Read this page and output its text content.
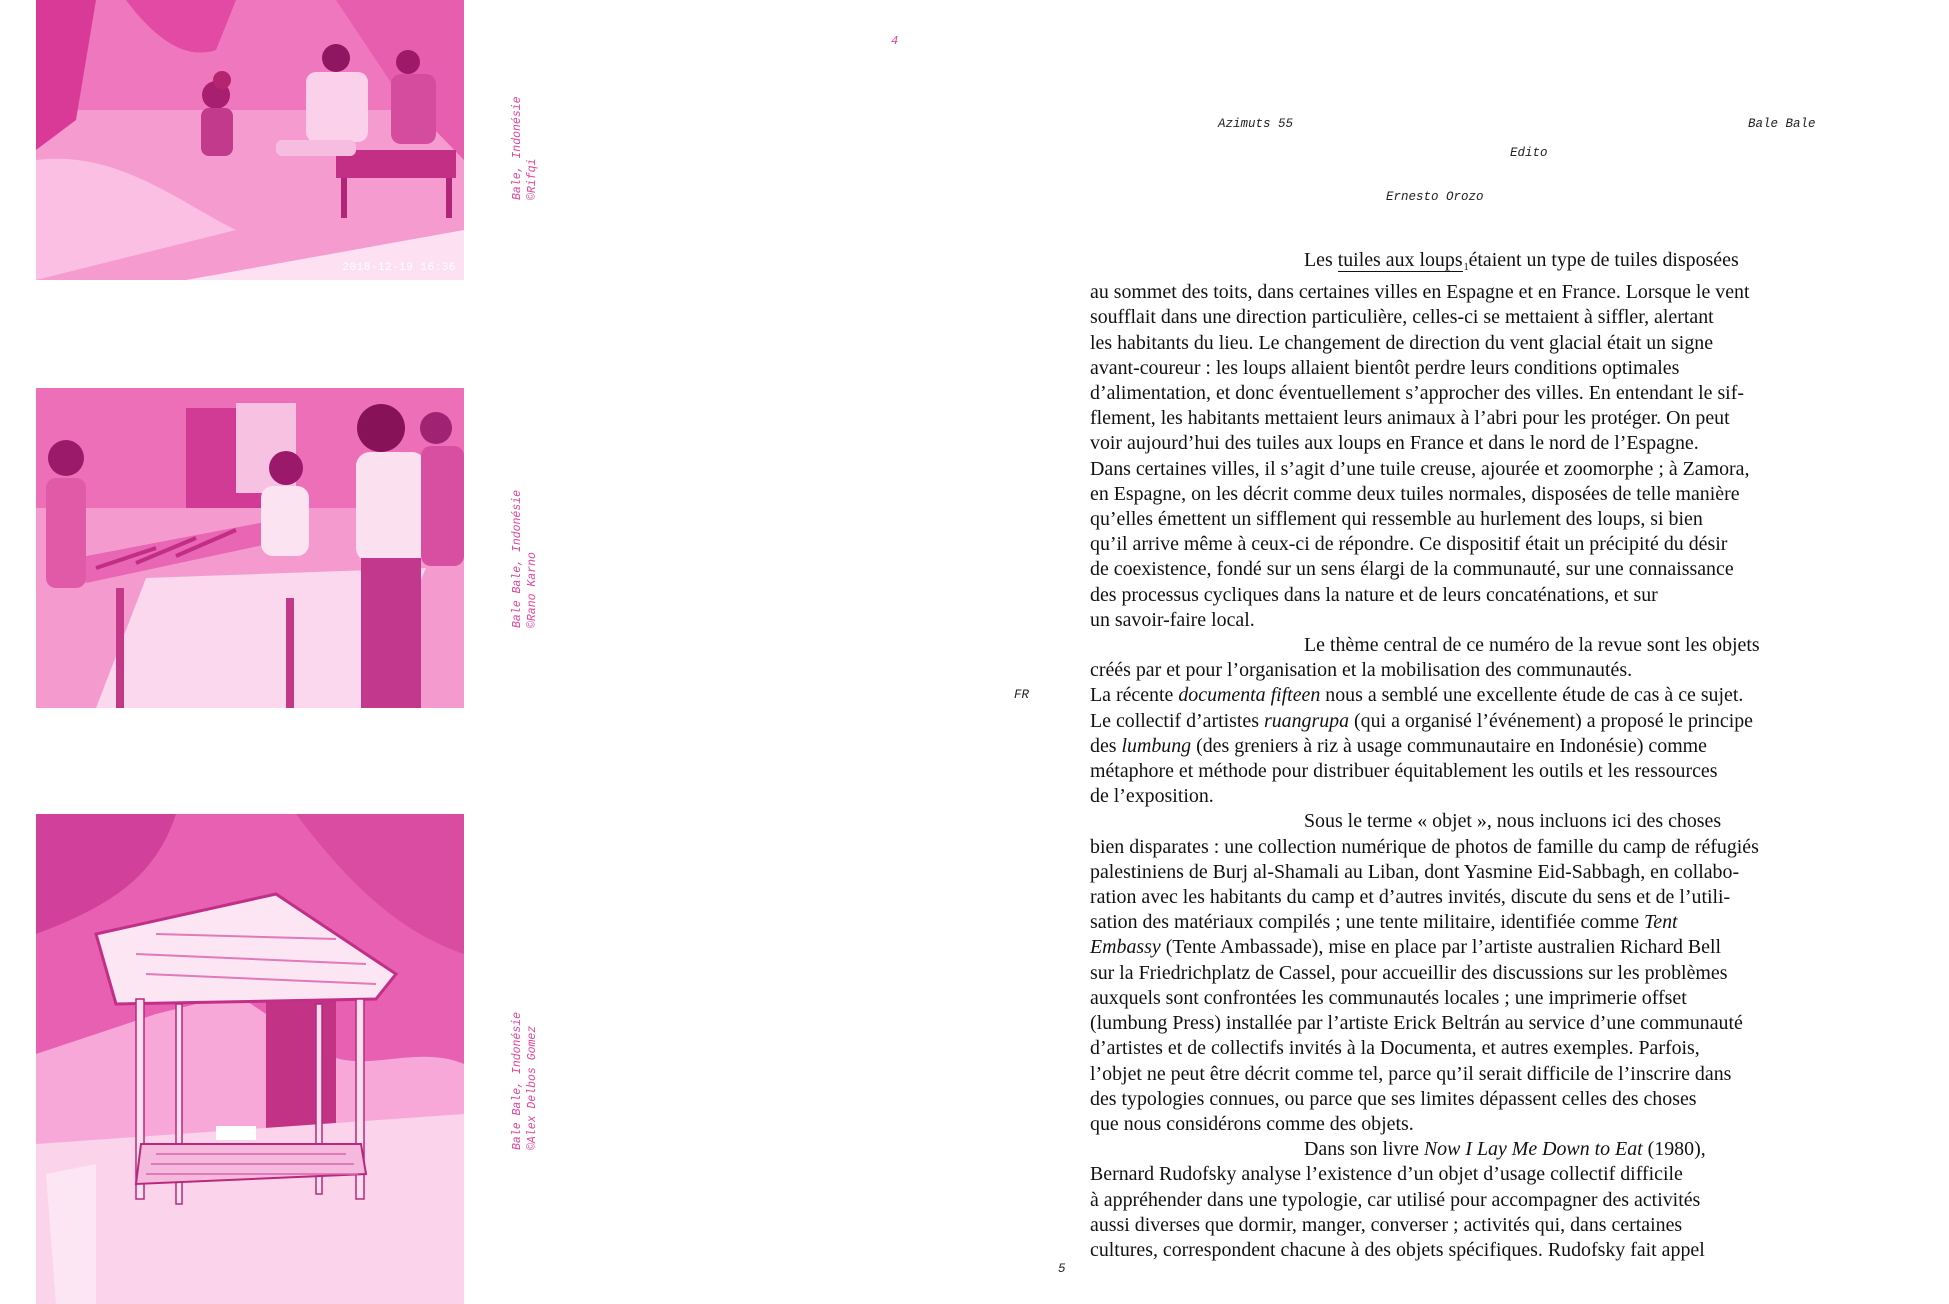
2018-12-19 16:36
Bale, Indonésie ©Rifqi
Bale Bale, Indonésie ©Rano Karno
Bale Bale, Indonésie ©Alex Delbos Gomez
4
FR
Azimuts 55	Bale Bale
Edito
Ernesto Orozo

Les tuiles aux loups$_1$étaient un type de tuiles disposées

au sommet des toits, dans certaines villes en Espagne et en France. Lorsque le vent

soufflait dans une direction particulière, celles-ci se mettaient à siffler, alertant

les habitants du lieu. Le changement de direction du vent glacial était un signe

avant-coureur : les loups allaient bientôt perdre leurs conditions optimales

d’alimentation, et donc éventuellement s’approcher des villes. En entendant le sif-

flement, les habitants mettaient leurs animaux à l’abri pour les protéger. On peut

voir aujourd’hui des tuiles aux loups en France et dans le nord de l’Espagne.

Dans certaines villes, il s’agit d’une tuile creuse, ajourée et zoomorphe ; à Zamora,

en Espagne, on les décrit comme deux tuiles normales, disposées de telle manière

qu’elles émettent un sifflement qui ressemble au hurlement des loups, si bien

qu’il arrive même à ceux-ci de répondre. Ce dispositif était un précipité du désir

de coexistence, fondé sur un sens élargi de la communauté, sur une connaissance

des processus cycliques dans la nature et de leurs concaténations, et sur

un savoir-faire local.

Le thème central de ce numéro de la revue sont les objets

créés par et pour l’organisation et la mobilisation des communautés.

La récente documenta fifteen nous a semblé une excellente étude de cas à ce sujet.

Le collectif d’artistes ruangrupa (qui a organisé l’événement) a proposé le principe

des lumbung (des greniers à riz à usage communautaire en Indonésie) comme

métaphore et méthode pour distribuer équitablement les outils et les ressources

de l’exposition.

Sous le terme « objet », nous incluons ici des choses

bien disparates : une collection numérique de photos de famille du camp de réfugiés

palestiniens de Burj al-Shamali au Liban, dont Yasmine Eid-Sabbagh, en collabo-

ration avec les habitants du camp et d’autres invités, discute du sens et de l’utili-

sation des matériaux compilés ; une tente militaire, identifiée comme Tent

Embassy (Tente Ambassade), mise en place par l’artiste australien Richard Bell

sur la Friedrichplatz de Cassel, pour accueillir des discussions sur les problèmes

auxquels sont confrontées les communautés locales ; une imprimerie offset

(lumbung Press) installée par l’artiste Erick Beltrán au service d’une communauté

d’artistes et de collectifs invités à la Documenta, et autres exemples. Parfois,

l’objet ne peut être décrit comme tel, parce qu’il serait difficile de l’inscrire dans

des typologies connues, ou parce que ses limites dépassent celles des choses

que nous considérons comme des objets.

Dans son livre Now I Lay Me Down to Eat (1980),

Bernard Rudofsky analyse l’existence d’un objet d’usage collectif difficile

à appréhender dans une typologie, car utilisé pour accompagner des activités

aussi diverses que dormir, manger, converser ; activités qui, dans certaines

cultures, correspondent chacune à des objets spécifiques. Rudofsky fait appel

5
